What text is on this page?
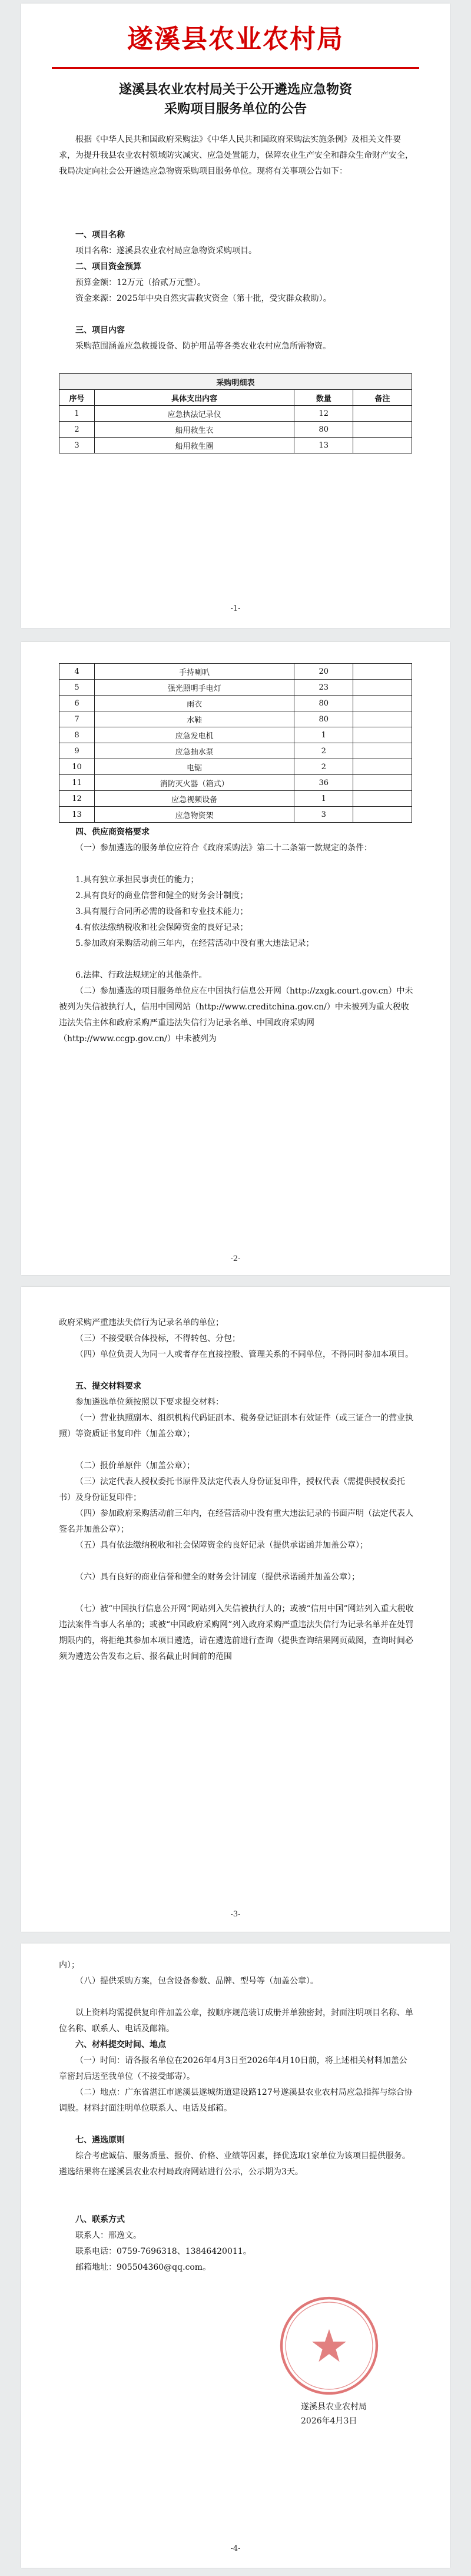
遂溪县农业农村局
遂溪县农业农村局关于公开遴选应急物资
采购项目服务单位的公告

根据《中华人民共和国政府采购法》《中华人民共和国政府采购法实施条例》及相关文件要求，为提升我县农业农村领域防灾减灾、应急处置能力，保障农业生产安全和群众生命财产安全，我局决定向社会公开遴选应急物资采购项目服务单位。现将有关事项公告如下：

一、项目名称

项目名称：遂溪县农业农村局应急物资采购项目。

二、项目资金预算

预算金额：12万元（拾贰万元整）。

资金来源：2025年中央自然灾害救灾资金（第十批，受灾群众救助）。

三、项目内容

采购范围涵盖应急救援设备、防护用品等各类农业农村应急所需物资。

采购明细表			
序号	具体支出内容	数量	备注
1	应急执法记录仪	12	
2	船用救生衣	80	
3	船用救生圈	13	
-1-
4	手持喇叭	20	
5	强光照明手电灯	23	
6	雨衣	80	
7	水鞋	80	
8	应急发电机	1	
9	应急抽水泵	2	
10	电锯	2	
11	消防灭火器（箱式）	36	
12	应急视频设备	1	
13	应急物资架	3	

四、供应商资格要求

（一）参加遴选的服务单位应符合《政府采购法》第二十二条第一款规定的条件：

1.具有独立承担民事责任的能力；

2.具有良好的商业信誉和健全的财务会计制度；

3.具有履行合同所必需的设备和专业技术能力；

4.有依法缴纳税收和社会保障资金的良好记录；

5.参加政府采购活动前三年内，在经营活动中没有重大违法记录；

6.法律、行政法规规定的其他条件。

（二）参加遴选的项目服务单位应在中国执行信息公开网（http://zxgk.court.gov.cn）中未被列为失信被执行人，信用中国网站（http://www.creditchina.gov.cn/）中未被列为重大税收违法失信主体和政府采购严重违法失信行为记录名单、中国政府采购网（http://www.ccgp.gov.cn/）中未被列为

-2-

政府采购严重违法失信行为记录名单的单位；

（三）不接受联合体投标，不得转包、分包；

（四）单位负责人为同一人或者存在直接控股、管理关系的不同单位，不得同时参加本项目。

五、提交材料要求

参加遴选单位须按照以下要求提交材料：

（一）营业执照副本、组织机构代码证副本、税务登记证副本有效证件（或三证合一的营业执照）等资质证书复印件（加盖公章）；

（二）报价单原件（加盖公章）；

（三）法定代表人授权委托书原件及法定代表人身份证复印件，授权代表（需提供授权委托书）及身份证复印件；

（四）参加政府采购活动前三年内，在经营活动中没有重大违法记录的书面声明（法定代表人签名并加盖公章）；

（五）具有依法缴纳税收和社会保障资金的良好记录（提供承诺函并加盖公章）；

（六）具有良好的商业信誉和健全的财务会计制度（提供承诺函并加盖公章）；

（七）被“中国执行信息公开网”网站列入失信被执行人的；或被“信用中国”网站列入重大税收违法案件当事人名单的；或被“中国政府采购网”列入政府采购严重违法失信行为记录名单并在处罚期限内的，将拒绝其参加本项目遴选，请在遴选前进行查询（提供查询结果网页截图，查询时间必须为遴选公告发布之后、报名截止时间前的范围

-3-

内）；

（八）提供采购方案，包含设备参数、品牌、型号等（加盖公章）。

以上资料均需提供复印件加盖公章，按顺序规范装订成册并单独密封，封面注明项目名称、单位名称、联系人、电话及邮箱。

六、材料提交时间、地点

（一）时间：请各报名单位在2026年4月3日至2026年4月10日前，将上述相关材料加盖公章密封后送至我单位（不接受邮寄）。

（二）地点：广东省湛江市遂溪县遂城街道建设路127号遂溪县农业农村局应急指挥与综合协调股。材料封面注明单位联系人、电话及邮箱。

七、遴选原则

综合考虑诚信、服务质量、报价、价格、业绩等因素，择优选取1家单位为该项目提供服务。遴选结果将在遂溪县农业农村局政府网站进行公示，公示期为3天。

八、联系方式

联系人：邢逸文。

联系电话：0759-7696318、13846420011。

邮箱地址：905504360@qq.com。

遂溪县农业农村局
2026年4月3日
-4-
